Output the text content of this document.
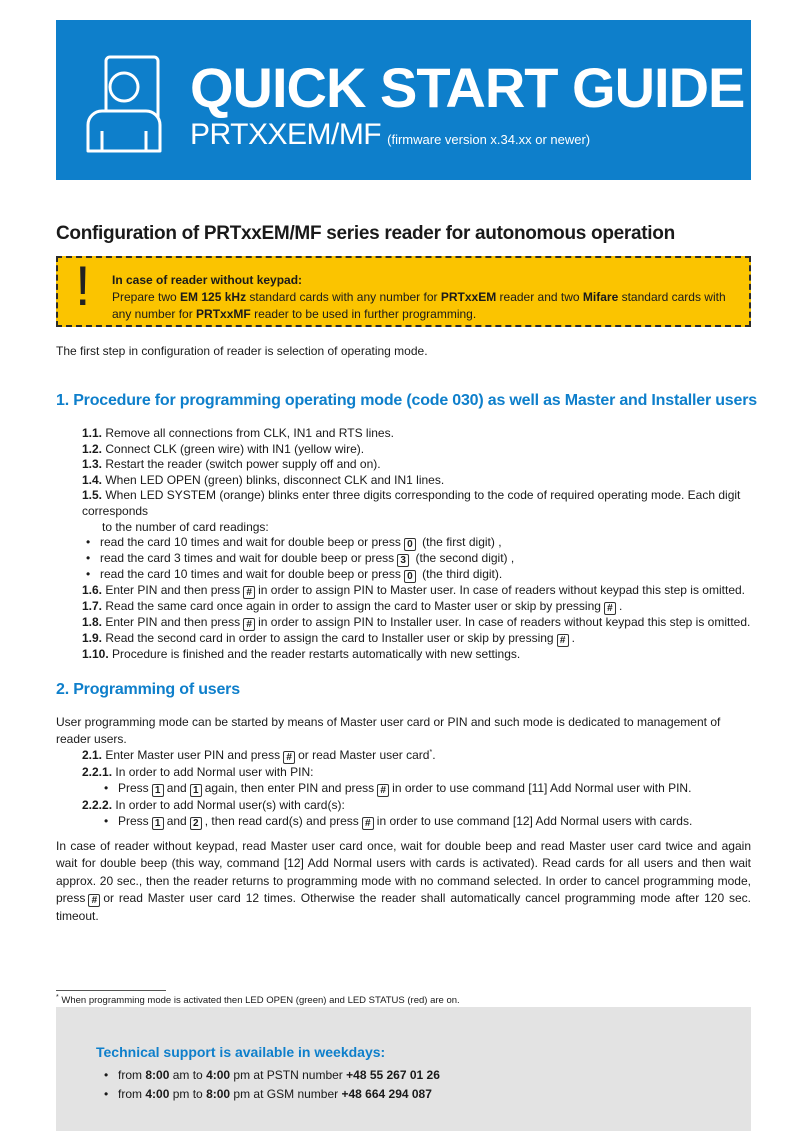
QUICK START GUIDE
PRTXXEM/MF (firmware version x.34.xx or newer)
Configuration of PRTxxEM/MF series reader for autonomous operation
! In case of reader without keypad:
Prepare two EM 125 kHz standard cards with any number for PRTxxEM reader and two Mifare standard cards with any number for PRTxxMF reader to be used in further programming.
The first step in configuration of reader is selection of operating mode.
1. Procedure for programming operating mode (code 030) as well as Master and Installer users
1.1. Remove all connections from CLK, IN1 and RTS lines.
1.2. Connect CLK (green wire) with IN1 (yellow wire).
1.3. Restart the reader (switch power supply off and on).
1.4. When LED OPEN (green) blinks, disconnect CLK and IN1 lines.
1.5. When LED SYSTEM (orange) blinks enter three digits corresponding to the code of required operating mode. Each digit corresponds
to the number of card readings:
• read the card 10 times and wait for double beep or press 0 (the first digit) ,
• read the card 3 times and wait for double beep or press 3 (the second digit) ,
• read the card 10 times and wait for double beep or press 0 (the third digit).
1.6. Enter PIN and then press # in order to assign PIN to Master user. In case of readers without keypad this step is omitted.
1.7. Read the same card once again in order to assign the card to Master user or skip by pressing # .
1.8. Enter PIN and then press # in order to assign PIN to Installer user. In case of readers without keypad this step is omitted.
1.9. Read the second card in order to assign the card to Installer user or skip by pressing # .
1.10. Procedure is finished and the reader restarts automatically with new settings.
2. Programming of users
User programming mode can be started by means of Master user card or PIN and such mode is dedicated to management of reader users.
2.1. Enter Master user PIN and press # or read Master user card*.
2.2.1. In order to add Normal user with PIN:
• Press 1 and 1 again, then enter PIN and press # in order to use command [11] Add Normal user with PIN.
2.2.2. In order to add Normal user(s) with card(s):
• Press 1 and 2 , then read card(s) and press # in order to use command [12] Add Normal users with cards.
In case of reader without keypad, read Master user card once, wait for double beep and read Master user card twice and again wait for double beep (this way, command [12] Add Normal users with cards is activated). Read cards for all users and then wait approx. 20 sec., then the reader returns to programming mode with no command selected. In order to cancel programming mode, press # or read Master user card 12 times. Otherwise the reader shall automatically cancel programming mode after 120 sec. timeout.
* When programming mode is activated then LED OPEN (green) and LED STATUS (red) are on.
Technical support is available in weekdays:
• from 8:00 am to 4:00 pm at PSTN number +48 55 267 01 26
• from 4:00 pm to 8:00 pm at GSM number +48 664 294 087
